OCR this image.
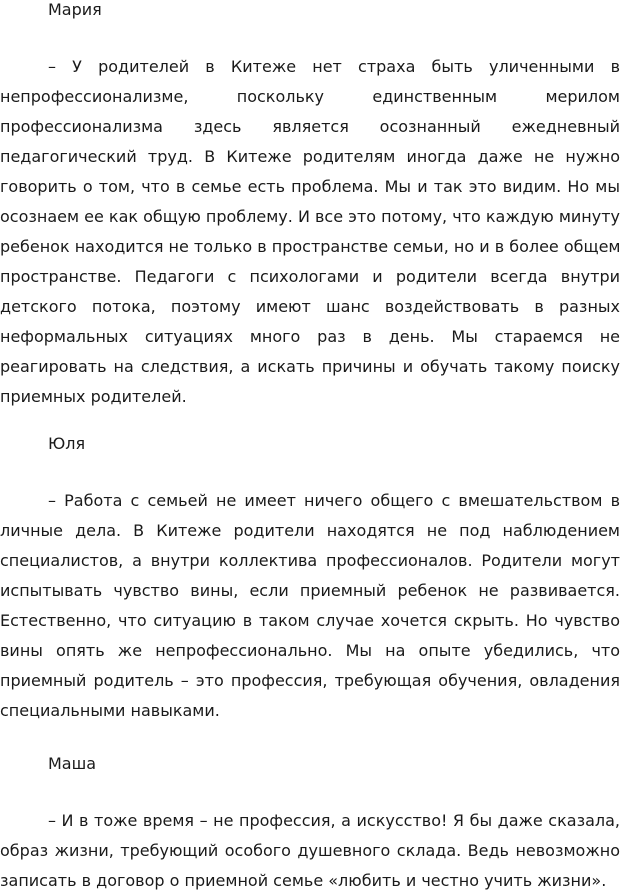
Мария

– У родителей в Китеже нет страха быть уличенными в
непрофессионализме, поскольку единственным мерилом
профессионализма здесь является осознанный ежедневный
педагогический труд. В Китеже родителям иногда даже не нужно
говорить о том, что в семье есть проблема. Мы и так это видим. Но мы
осознаем ее как общую проблему. И все это потому, что каждую минуту
ребенок находится не только в пространстве семьи, но и в более общем
пространстве. Педагоги с психологами и родители всегда внутри
детского потока, поэтому имеют шанс воздействовать в разных
неформальных ситуациях много раз в день. Мы стараемся не
реагировать на следствия, а искать причины и обучать такому поиску
приемных родителей.

Юля

– Работа с семьей не имеет ничего общего с вмешательством в
личные дела. В Китеже родители находятся не под наблюдением
специалистов, а внутри коллектива профессионалов. Родители могут
испытывать чувство вины, если приемный ребенок не развивается.
Естественно, что ситуацию в таком случае хочется скрыть. Но чувство
вины опять же непрофессионально. Мы на опыте убедились, что
приемный родитель – это профессия, требующая обучения, овладения
специальными навыками.

Маша

– И в тоже время – не профессия, а искусство! Я бы даже сказала,
образ жизни, требующий особого душевного склада. Ведь невозможно
записать в договор о приемной семье «любить и честно учить жизни».
